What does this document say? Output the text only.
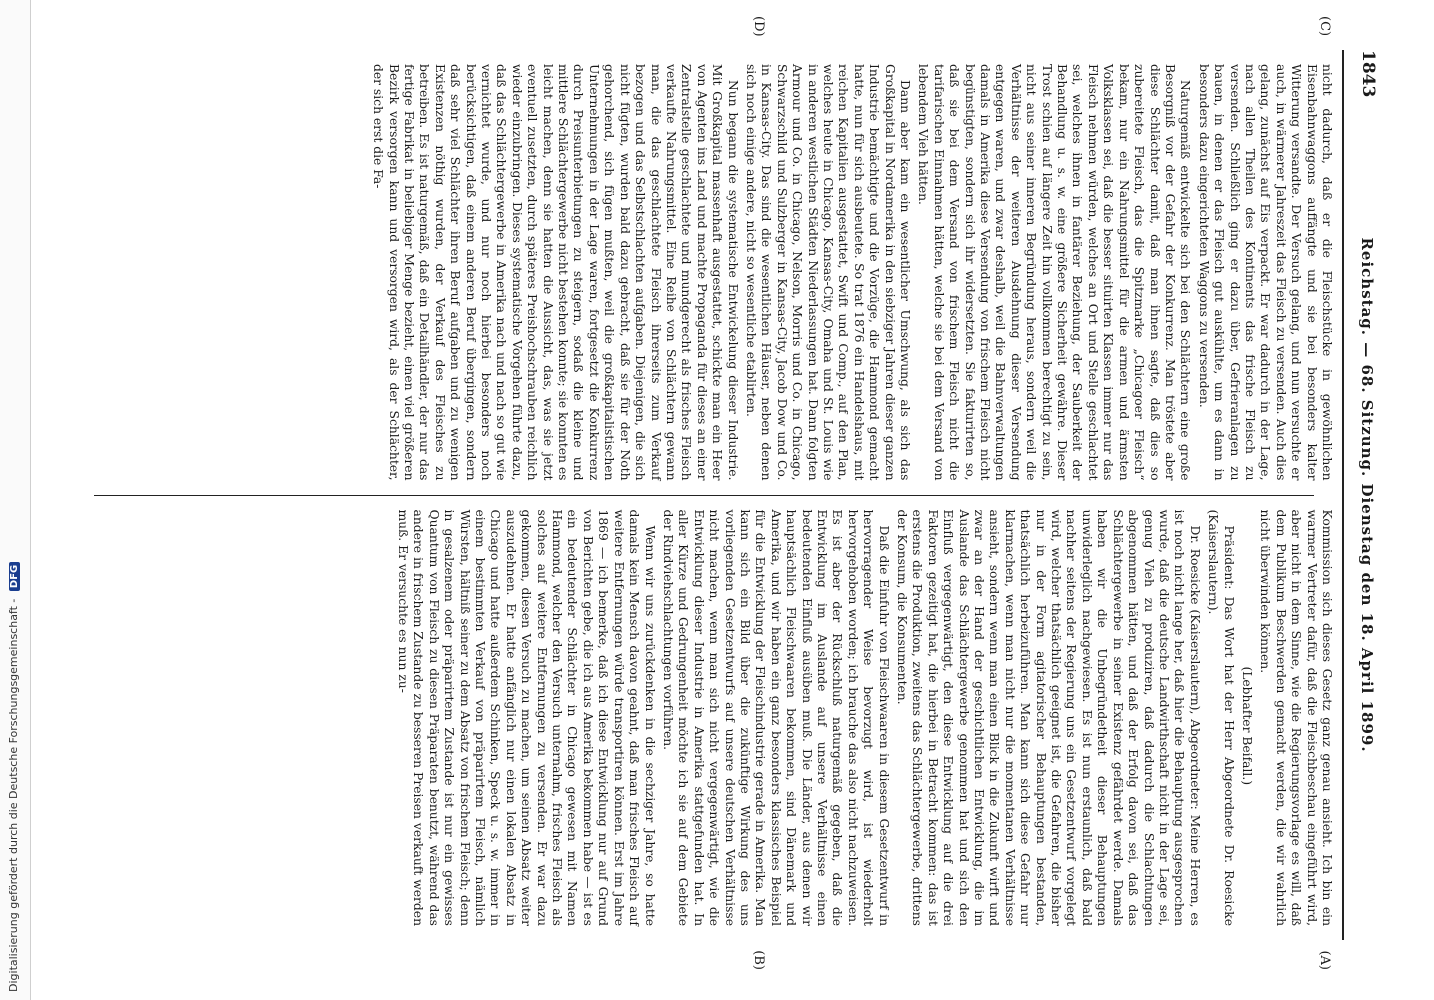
Digitalisierung gefördert durch die Deutsche Forschungsgemeinschaft - DFG
1843
Reichstag. — 68. Sitzung. Dienstag den 18. April 1899.
(C)
(D)
(A)
(B)

nicht dadurch, daß er die Fleischstücke in gewöhnlichen Eisenbahnwaggons auffängte und sie bei besonders kalter Witterung versandte. Der Versuch gelang, und nun versuchte er auch, in wärmerer Jahreszeit das Fleisch zu versenden. Auch dies gelang, zunächst auf Eis verpackt. Er war dadurch in der Lage, nach allen Theilen des Kontinents das frische Fleisch zu versenden. Schließlich ging er dazu über, Gefrieranlagen zu bauen, in denen er das Fleisch gut auskühlte, um es dann in besonders dazu eingerichteten Waggons zu versenden.

Naturgemäß entwickelte sich bei den Schlächtern eine große Besorgniß vor der Gefahr der Konkurrenz. Man tröstete aber diese Schlächter damit, daß man ihnen sagte, daß dies so zubereitete Fleisch, das die Spitzmarke „Chicagoer Fleisch“ bekam, nur ein Nahrungsmittel für die armen und ärmsten Volksklassen sei, daß die besser situirten Klassen immer nur das Fleisch nehmen würden, welches an Ort und Stelle geschlachtet sei, welches ihnen in fantärer Beziehung, der Sauberkeit der Behandlung u. s. w. eine größere Sicherheit gewähre. Dieser Trost schien auf längere Zeit hin vollkommen berechtigt zu sein, nicht aus seiner inneren Begründung heraus, sondern weil die Verhältnisse der weiteren Ausdehnung dieser Versendung entgegen waren, und zwar deshalb, weil die Bahnverwaltungen damals in Amerika diese Versendung von frischem Fleisch nicht begünstigten, sondern sich ihr widersetzten. Sie fakturirten so, daß sie bei dem Versand von frischem Fleisch nicht die tarifarischen Einnahmen hätten, welche sie bei dem Versand von lebendem Vieh hätten.

Dann aber kam ein wesentlicher Umschwung, als sich das Großkapital in Nordamerika in den siebziger Jahren dieser ganzen Industrie bemächtigte und die Vorzüge, die Hammond gemacht hatte, nun für sich ausbeutete. So trat 1876 ein Handelshaus, mit reichen Kapitalien ausgestattet, Swift und Comp., auf den Plan, welches heute in Chicago, Kansas-City, Omaha und St. Louis wie in anderen westlichen Städten Niederlassungen hat. Dann folgten Armour und Co. in Chicago, Nelson, Morris und Co. in Chicago, Schwarzschild und Sulzberger in Kansas-City, Jacob Dow und Co. in Kansas-City. Das sind die wesentlichen Häuser, neben denen sich noch einige andere, nicht so wesentliche etablirten.

Nun begann die systematische Entwickelung dieser Industrie. Mit Großkapital massenhaft ausgestattet, schickte man ein Heer von Agenten ins Land und machte Propaganda für dieses an einer Zentralstelle geschlachtete und mundgerecht als frisches Fleisch verkaufte Nahrungsmittel. Eine Reihe von Schlächtern gewann man, die das geschlachtete Fleisch ihrerseits zum Verkauf bezogen und das Selbstschlachten aufgaben. Diejenigen, die sich nicht fügten, wurden bald dazu gebracht, daß sie für der Noth gehorchend, sich fügen mußten, weil die großkapitalistischen Unternehmungen in der Lage waren, fortgesetzt die Konkurrenz durch Preisunterbietungen zu steigern, sodaß die kleine und mittlere Schlächtergewerbe nicht bestehen konnte; sie konnten es leicht machen, denn sie hatten die Aussicht, das, was sie jetzt eventuell zusetzten, durch späteres Preishochschrauben reichlich wieder einzubringen. Dieses systematische Vorgehen führte dazu, daß das Schlächtergewerbe in Amerika nach und nach so gut wie vernichtet wurde, und nur noch hierbei besonders noch berücksichtigen, daß einem anderen Beruf übergingen, sondern daß sehr viel Schlächter ihren Beruf aufgaben und zu wenigen Existenzen nöthig wurden, der Verkauf des Fleisches zu betreiben. Es ist naturgemäß, daß ein Detailhändler, der nur das fertige Fabrikat in beliebiger Menge bezieht, einen viel größeren Bezirk versorgen kann und versorgen wird, als der Schlächter, der sich erst die Fa-

Kommission sich dieses Gesetz ganz genau ansieht. Ich bin ein warmer Vertreter dafür, daß die Fleischbeschau eingeführt wird, aber nicht in dem Sinne, wie die Regierungsvorlage es will, daß dem Publikum Beschwerden gemacht werden, die wir wahrlich nicht überwinden können.

(Lebhafter Beifall.)

Präsident: Das Wort hat der Herr Abgeordnete Dr. Roesicke (Kaiserslautern).

Dr. Roesicke (Kaiserslautern), Abgeordneter: Meine Herren, es ist noch nicht lange her, daß hier die Behauptung ausgesprochen wurde, daß die deutsche Landwirthschaft nicht in der Lage sei, genug Vieh zu produziren, daß dadurch die Schlachtungen abgenommen hätten, und daß der Erfolg davon sei, daß das Schlächtergewerbe in seiner Existenz gefährdet werde. Damals haben wir die Unbegründetheit dieser Behauptungen unwiderleglich nachgewiesen. Es ist nun erstaunlich, daß bald nachher seitens der Regierung uns ein Gesetzentwurf vorgelegt wird, welcher thatsächlich geeignet ist, die Gefahren, die bisher nur in der Form agitatorischer Behauptungen bestanden, thatsächlich herbeizuführen. Man kann sich diese Gefahr nur klarmachen, wenn man nicht nur die momentanen Verhältnisse ansieht, sondern wenn man einen Blick in die Zukunft wirft und zwar an der Hand der geschichtlichen Entwicklung, die im Auslande das Schlächtergewerbe genommen hat und sich den Einfluß vergegenwärtigt, den diese Entwicklung auf die drei Faktoren gezeitigt hat, die hierbei in Betracht kommen: das ist erstens die Produktion, zweitens das Schlächtergewerbe, drittens der Konsum, die Konsumenten.

Daß die Einfuhr von Fleischwaaren in diesem Gesetzentwurf in hervorragender Weise bevorzugt wird, ist wiederholt hervorgehoben worden; ich brauche das also nicht nachzuweisen. Es ist aber der Rückschluß naturgemäß gegeben, daß die Entwicklung im Auslande auf unsere Verhältnisse einen bedeutenden Einfluß ausüben muß. Die Länder, aus denen wir hauptsächlich Fleischwaaren bekommen, sind Dänemark und Amerika, und wir haben ein ganz besonders klassisches Beispiel für die Entwicklung der Fleischindustrie gerade in Amerika. Man kann sich ein Bild über die zukünftige Wirkung des uns vorliegenden Gesetzentwurfs auf unsere deutschen Verhältnisse nicht machen, wenn man sich nicht vergegenwärtigt, wie die Entwicklung dieser Industrie in Amerika stattgefunden hat. In aller Kürze und Gedrungenheit möchte ich sie auf dem Gebiete der Rindviehschlachtungen vorführen.

Wenn wir uns zurückdenken in die sechziger Jahre, so hatte damals kein Mensch davon geahnt, daß man frisches Fleisch auf weitere Entfernungen würde transportiren können. Erst im Jahre 1869 — ich bemerke, daß ich diese Entwicklung nur auf Grund von Berichten gebe, die ich aus Amerika bekommen habe — ist es ein bedeutender Schlächter in Chicago gewesen mit Namen Hammond, welcher den Versuch unternahm, frisches Fleisch als solches auf weitere Entfernungen zu versenden. Er war dazu gekommen, diesen Versuch zu machen, um seinen Absatz weiter auszudehnen. Er hatte anfänglich nur einen lokalen Absatz in Chicago und hatte außerdem Schinken, Speck u. s. w. immer in einem bestimmten Verkauf von präparirtem Fleisch, nämlich Würsten, hältniß seiner zu dem Absatz von frischem Fleisch; denn in gesalzenem oder präparirtem Zustande ist nur ein gewisses Quantum von Fleisch zu diesen Präparaten benutzt, während das andere in frischem Zustande zu besseren Preisen verkauft werden muß. Er versuchte es nun zu-
